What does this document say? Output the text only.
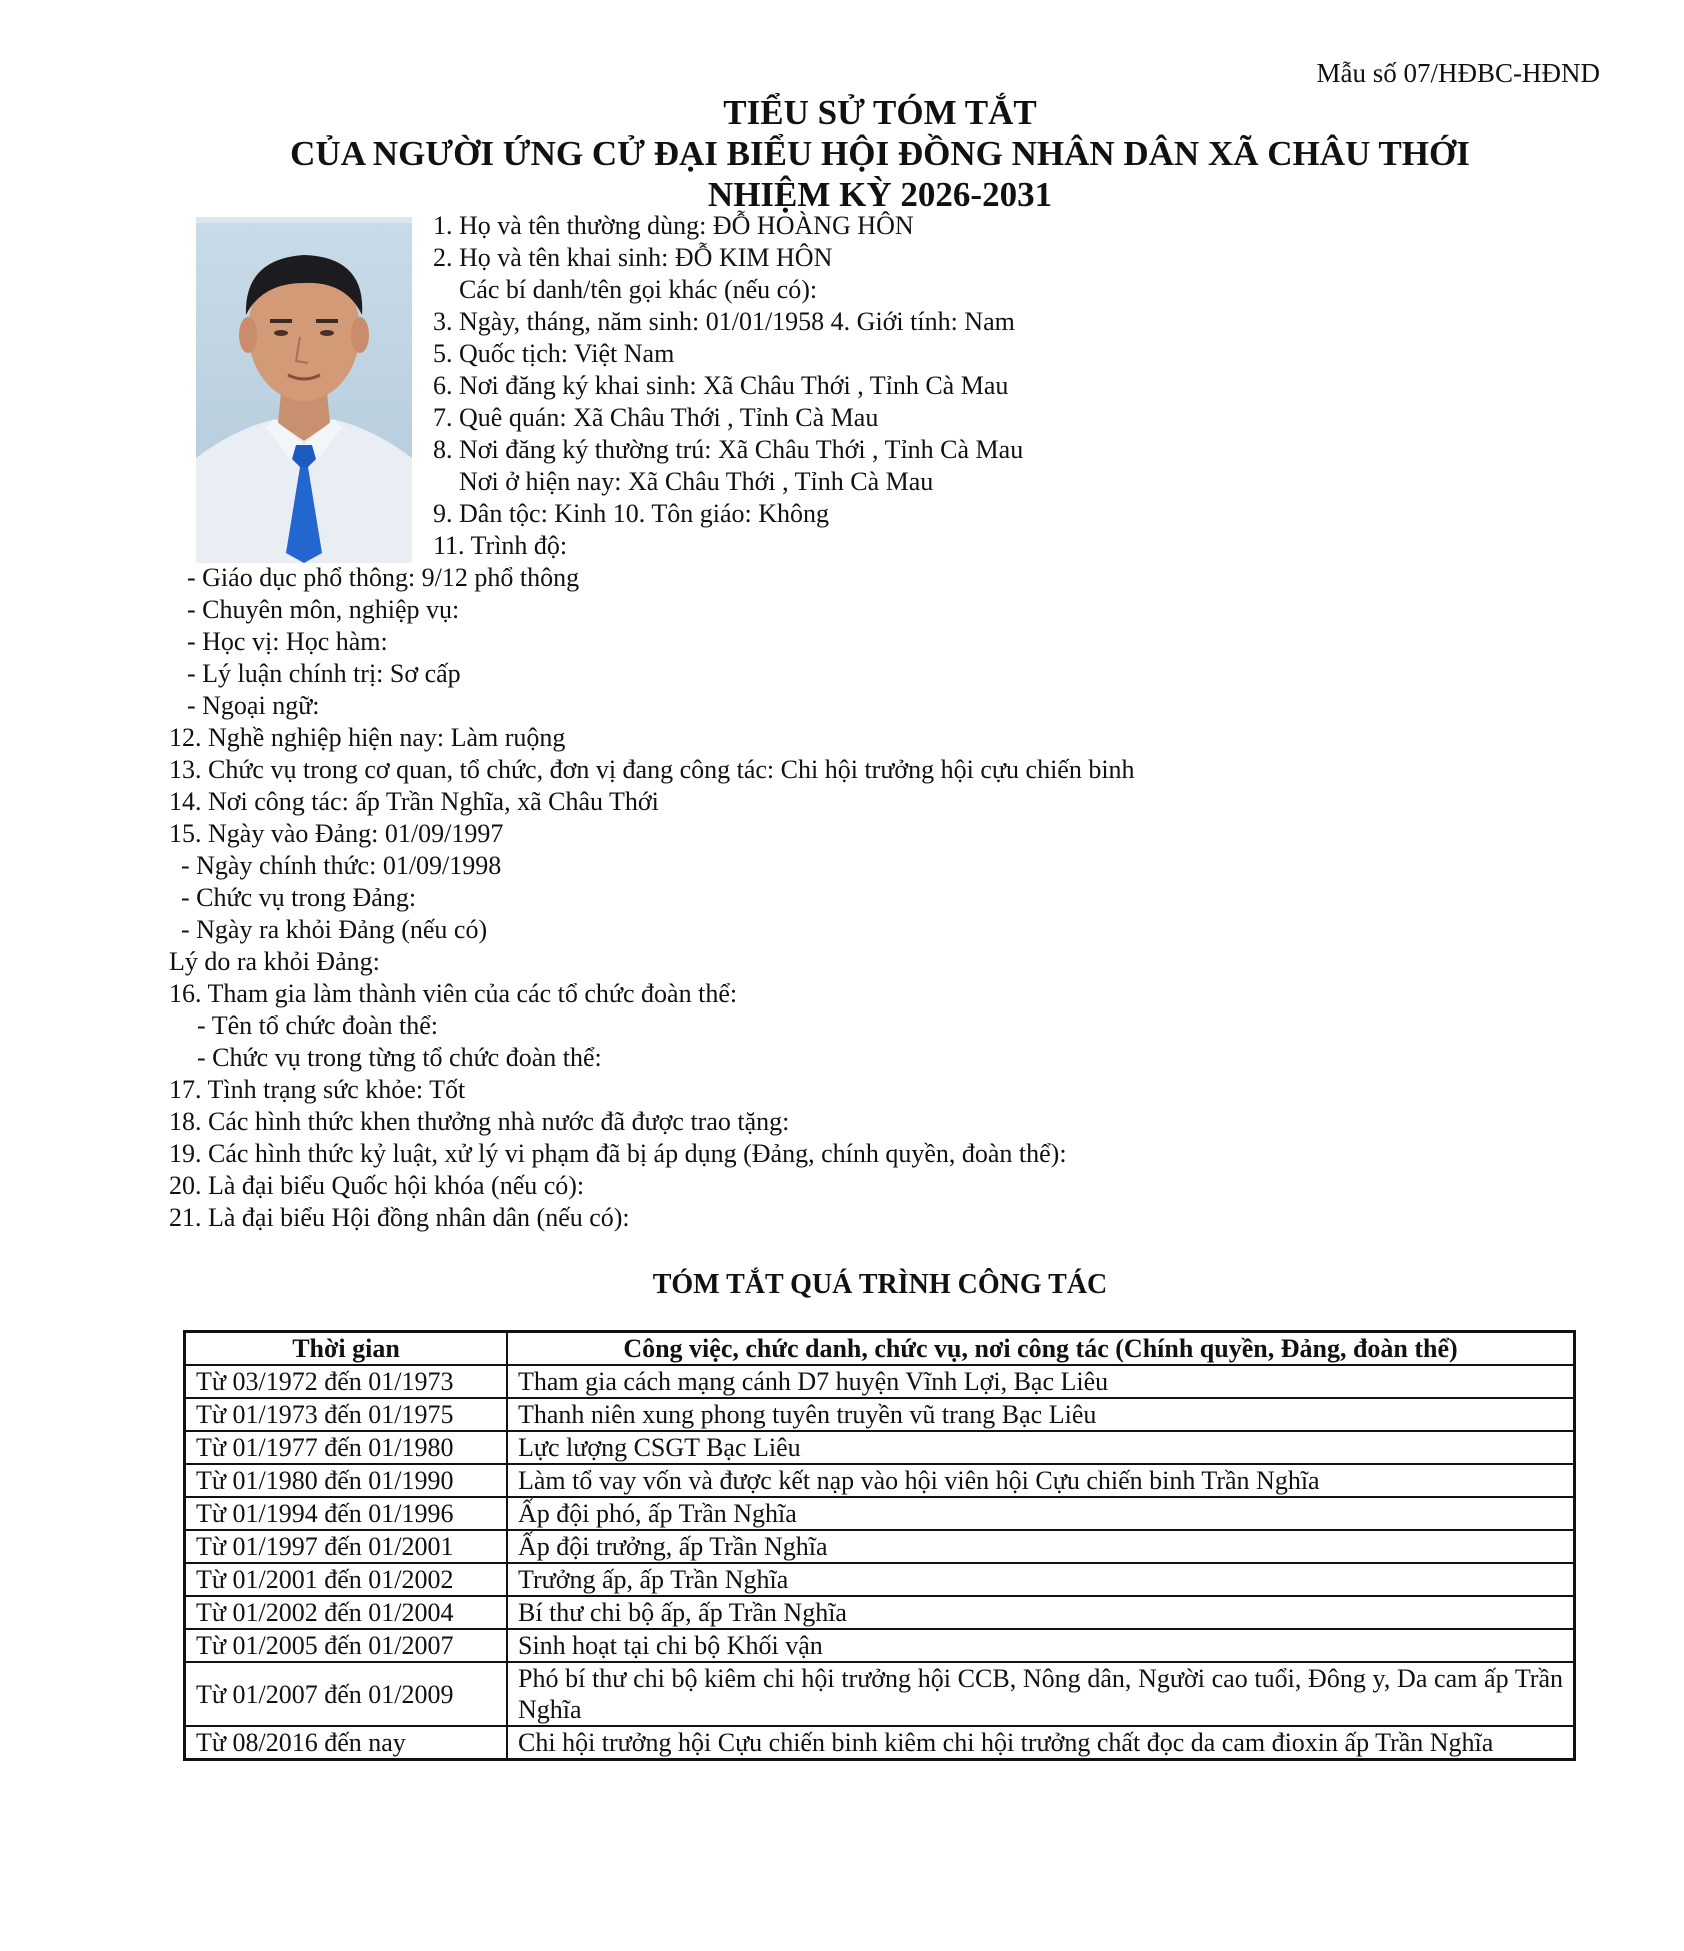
Mẫu số 07/HĐBC-HĐND
TIỂU SỬ TÓM TẮT
CỦA NGƯỜI ỨNG CỬ ĐẠI BIỂU HỘI ĐỒNG NHÂN DÂN XÃ CHÂU THỚI
NHIỆM KỲ 2026-2031
1. Họ và tên thường dùng: ĐỖ HOÀNG HÔN
2. Họ và tên khai sinh: ĐỖ KIM HÔN
Các bí danh/tên gọi khác (nếu có):
3. Ngày, tháng, năm sinh: 01/01/1958 4. Giới tính: Nam
5. Quốc tịch: Việt Nam
6. Nơi đăng ký khai sinh: Xã Châu Thới , Tỉnh Cà Mau
7. Quê quán: Xã Châu Thới , Tỉnh Cà Mau
8. Nơi đăng ký thường trú: Xã Châu Thới , Tỉnh Cà Mau
Nơi ở hiện nay: Xã Châu Thới , Tỉnh Cà Mau
9. Dân tộc: Kinh 10. Tôn giáo: Không
11. Trình độ:
- Giáo dục phổ thông: 9/12 phổ thông
- Chuyên môn, nghiệp vụ:
- Học vị: Học hàm:
- Lý luận chính trị: Sơ cấp
- Ngoại ngữ:
12. Nghề nghiệp hiện nay: Làm ruộng
13. Chức vụ trong cơ quan, tổ chức, đơn vị đang công tác: Chi hội trưởng hội cựu chiến binh
14. Nơi công tác: ấp Trần Nghĩa, xã Châu Thới
15. Ngày vào Đảng: 01/09/1997
- Ngày chính thức: 01/09/1998
- Chức vụ trong Đảng:
- Ngày ra khỏi Đảng (nếu có)
Lý do ra khỏi Đảng:
16. Tham gia làm thành viên của các tổ chức đoàn thể:
- Tên tổ chức đoàn thể:
- Chức vụ trong từng tổ chức đoàn thể:
17. Tình trạng sức khỏe: Tốt
18. Các hình thức khen thưởng nhà nước đã được trao tặng:
19. Các hình thức kỷ luật, xử lý vi phạm đã bị áp dụng (Đảng, chính quyền, đoàn thể):
20. Là đại biểu Quốc hội khóa (nếu có):
21. Là đại biểu Hội đồng nhân dân (nếu có):
TÓM TẮT QUÁ TRÌNH CÔNG TÁC
Thời gian	Công việc, chức danh, chức vụ, nơi công tác (Chính quyền, Đảng, đoàn thể)
Từ 03/1972 đến 01/1973	Tham gia cách mạng cánh D7 huyện Vĩnh Lợi, Bạc Liêu
Từ 01/1973 đến 01/1975	Thanh niên xung phong tuyên truyền vũ trang Bạc Liêu
Từ 01/1977 đến 01/1980	Lực lượng CSGT Bạc Liêu
Từ 01/1980 đến 01/1990	Làm tổ vay vốn và được kết nạp vào hội viên hội Cựu chiến binh Trần Nghĩa
Từ 01/1994 đến 01/1996	Ấp đội phó, ấp Trần Nghĩa
Từ 01/1997 đến 01/2001	Ấp đội trưởng, ấp Trần Nghĩa
Từ 01/2001 đến 01/2002	Trưởng ấp, ấp Trần Nghĩa
Từ 01/2002 đến 01/2004	Bí thư chi bộ ấp, ấp Trần Nghĩa
Từ 01/2005 đến 01/2007	Sinh hoạt tại chi bộ Khối vận
Từ 01/2007 đến 01/2009	Phó bí thư chi bộ kiêm chi hội trưởng hội CCB, Nông dân, Người cao tuổi, Đông y, Da cam ấp Trần Nghĩa
Từ 08/2016 đến nay	Chi hội trưởng hội Cựu chiến binh kiêm chi hội trưởng chất đọc da cam đioxin ấp Trần Nghĩa
